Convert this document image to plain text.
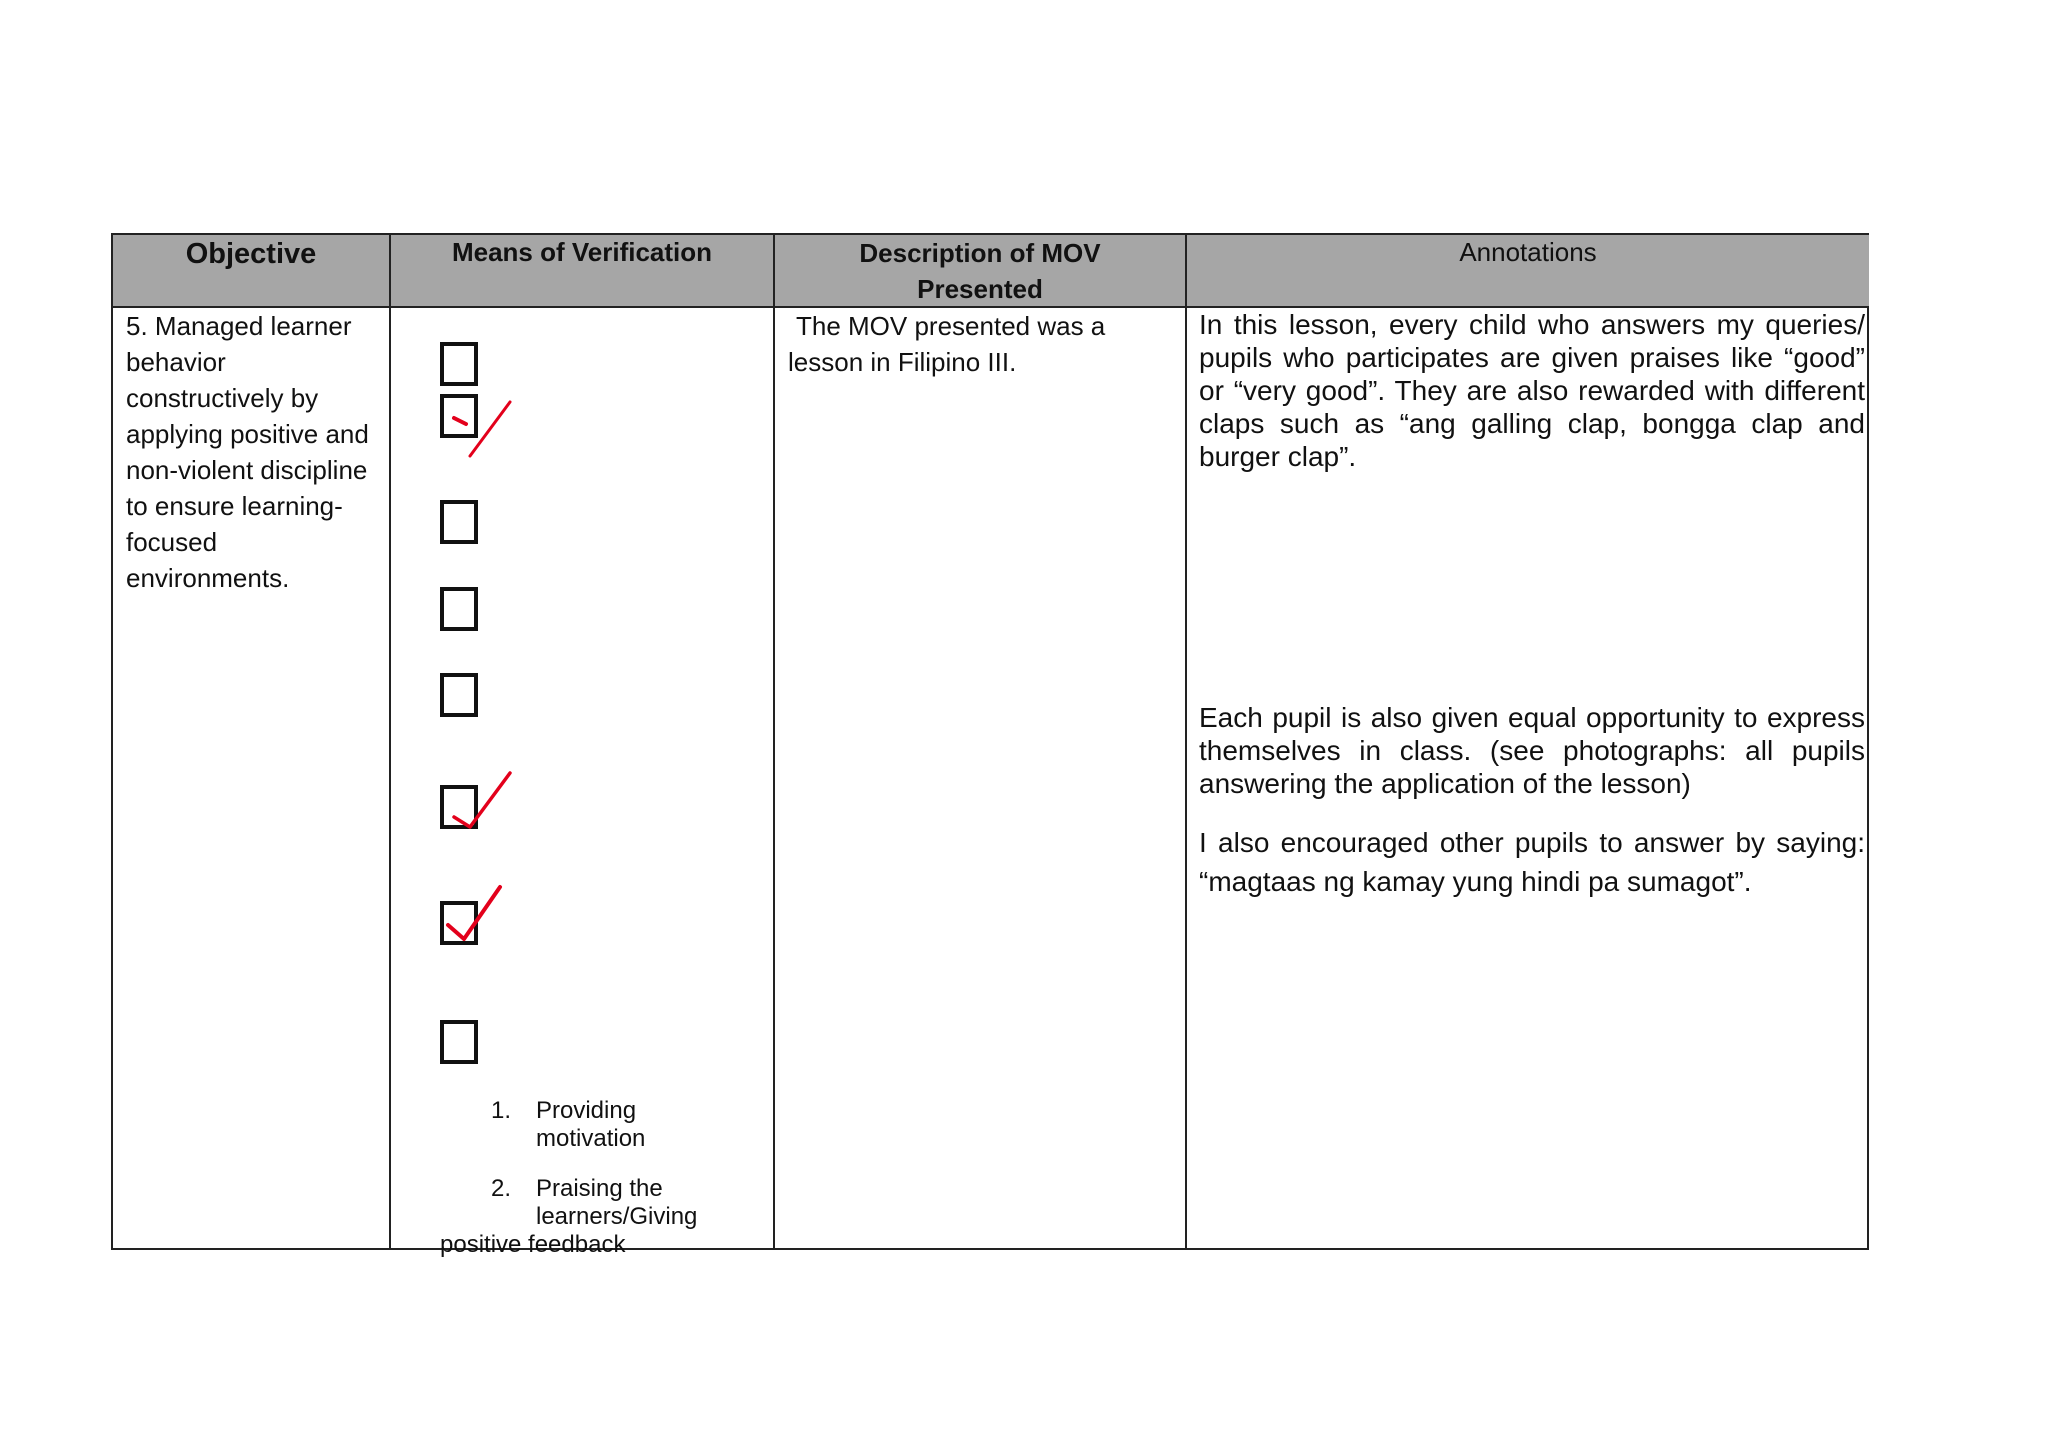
Objective
5. Managed learner behavior constructively by applying positive and non-violent discipline to ensure learning-focused environments.
Means of Verification
1. Providing motivation
2. Praising the learners/Giving
positive feedback
Description of MOV Presented
The MOV presented was a lesson in Filipino III.
Annotations

In this lesson, every child who answers my queries/ pupils who participates are given praises like “good” or “very good”. They are also rewarded with different claps such as “ang galling clap, bongga clap and burger clap”.

Each pupil is also given equal opportunity to express themselves in class. (see photographs: all pupils answering the application of the lesson)

I also encouraged other pupils to answer by saying: “magtaas ng kamay yung hindi pa sumagot”.
